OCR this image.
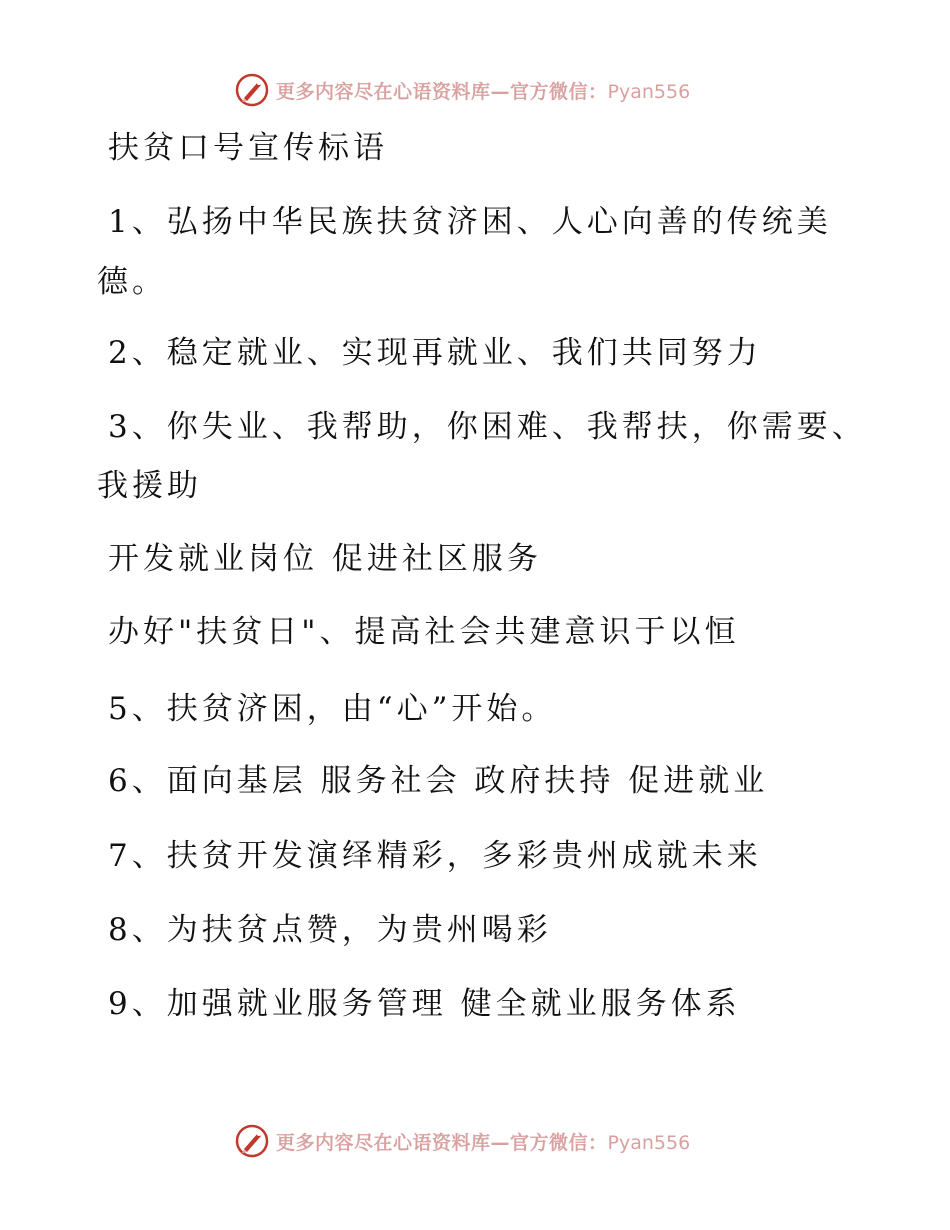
更多内容尽在心语资料库—官方微信：Pyan556
扶贫口号宣传标语
1、弘扬中华民族扶贫济困、人心向善的传统美
德。
2、稳定就业、实现再就业、我们共同努力
3、你失业、我帮助，你困难、我帮扶，你需要、
我援助
开发就业岗位 促进社区服务
办好"扶贫日"、提高社会共建意识于以恒
5、扶贫济困，由“心”开始。
6、面向基层 服务社会 政府扶持 促进就业
7、扶贫开发演绎精彩，多彩贵州成就未来
8、为扶贫点赞，为贵州喝彩
9、加强就业服务管理 健全就业服务体系
更多内容尽在心语资料库—官方微信：Pyan556
